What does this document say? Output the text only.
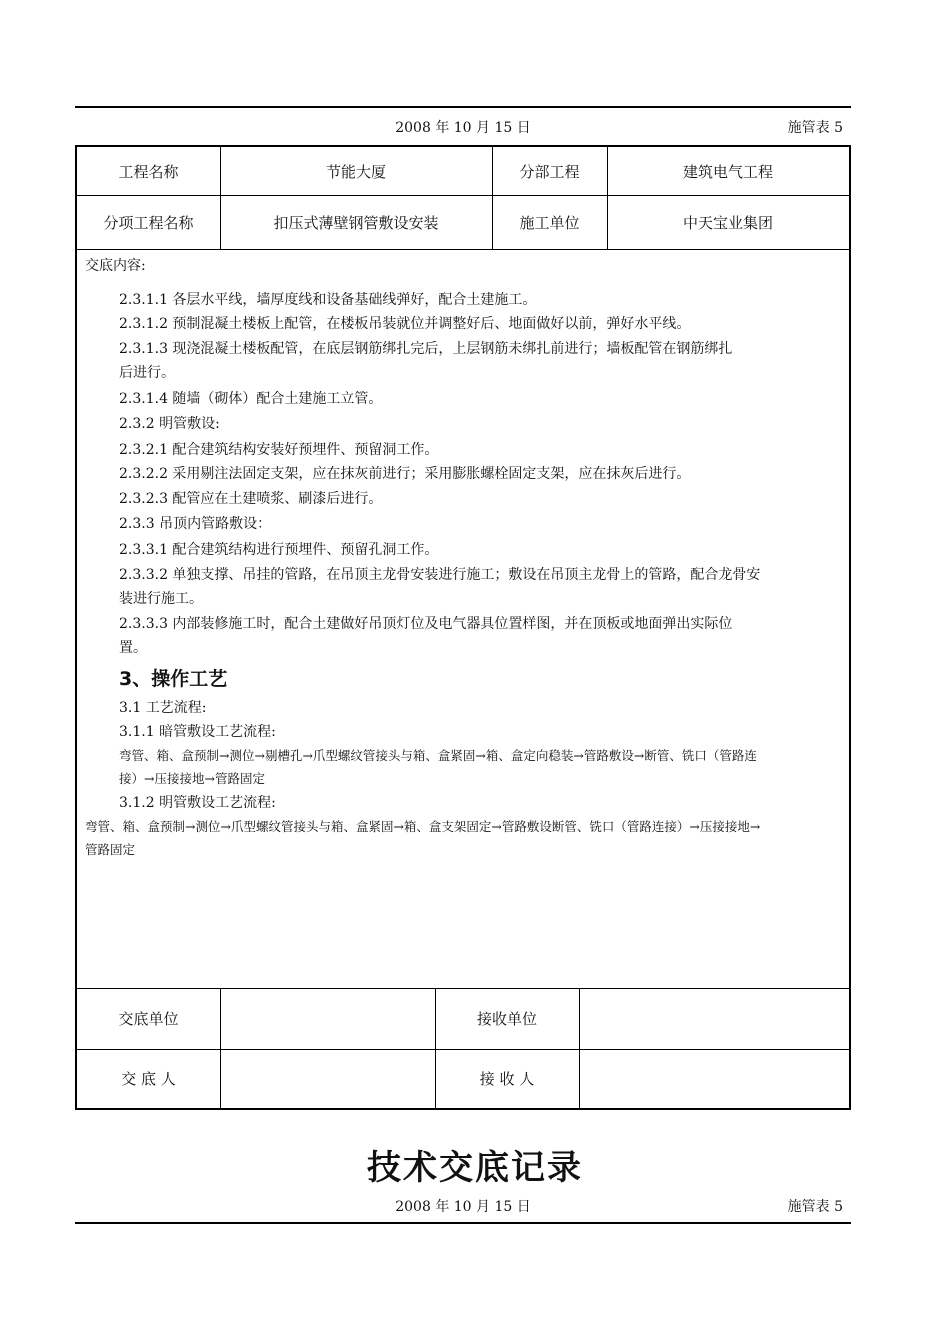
2008 年 10 月 15 日	施管表 5
工程名称	节能大厦	分部工程	建筑电气工程
分项工程名称	扣压式薄壁钢管敷设安装	施工单位	中天宝业集团
交底内容:
2.3.1.1 各层水平线，墙厚度线和设备基础线弹好，配合土建施工。
2.3.1.2 预制混凝土楼板上配管，在楼板吊装就位并调整好后、地面做好以前，弹好水平线。
2.3.1.3 现浇混凝土楼板配管，在底层钢筋绑扎完后，上层钢筋未绑扎前进行；墙板配管在钢筋绑扎
后进行。
2.3.1.4 随墙（砌体）配合土建施工立管。
2.3.2 明管敷设:
2.3.2.1 配合建筑结构安装好预埋件、预留洞工作。
2.3.2.2 采用剔注法固定支架，应在抹灰前进行；采用膨胀螺栓固定支架，应在抹灰后进行。
2.3.2.3 配管应在土建喷浆、刷漆后进行。
2.3.3 吊顶内管路敷设：
2.3.3.1 配合建筑结构进行预埋件、预留孔洞工作。
2.3.3.2 单独支撑、吊挂的管路，在吊顶主龙骨安装进行施工；敷设在吊顶主龙骨上的管路，配合龙骨安
装进行施工。
2.3.3.3 内部装修施工时，配合土建做好吊顶灯位及电气器具位置样图，并在顶板或地面弹出实际位
置。
3、操作工艺
3.1 工艺流程:
3.1.1 暗管敷设工艺流程:
弯管、箱、盒预制→测位→剔槽孔→爪型螺纹管接头与箱、盒紧固→箱、盒定向稳装→管路敷设→断管、铣口（管路连
接）→压接接地→管路固定
3.1.2 明管敷设工艺流程:
弯管、箱、盒预制→测位→爪型螺纹管接头与箱、盒紧固→箱、盒支架固定→管路敷设断管、铣口（管路连接）→压接接地→
管路固定
交底单位	接收单位
交 底 人	接 收 人
技术交底记录
2008 年 10 月 15 日	施管表 5
